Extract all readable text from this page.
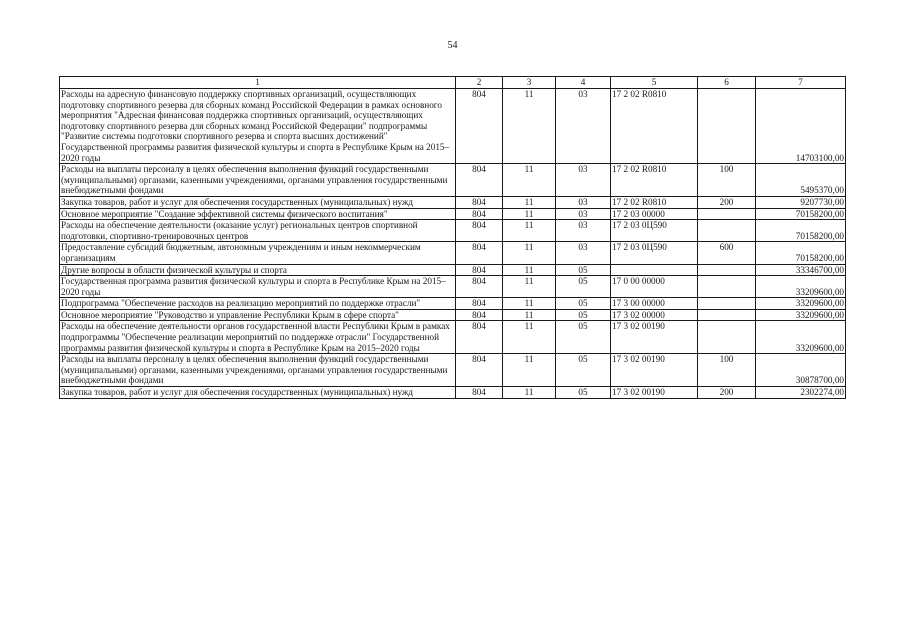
54
1	2	3	4	5	6	7
Расходы на адресную финансовую поддержку спортивных организаций, осуществляющих подготовку спортивного резерва для сборных команд Российской Федерации в рамках основного мероприятия "Адресная финансовая поддержка спортивных организаций, осуществляющих подготовку спортивного резерва для сборных команд Российской Федерации" подпрограммы "Развитие системы подготовки спортивного резерва и спорта высших достижений" Государственной программы развития физической культуры и спорта в Республике Крым на 2015–2020 годы	804	11	03	17 2 02 R0810		14703100,00
Расходы на выплаты персоналу в целях обеспечения выполнения функций государственными (муниципальными) органами, казенными учреждениями, органами управления государственными внебюджетными фондами	804	11	03	17 2 02 R0810	100	5495370,00
Закупка товаров, работ и услуг для обеспечения государственных (муниципальных) нужд	804	11	03	17 2 02 R0810	200	9207730,00
Основное мероприятие "Создание эффективной системы физического воспитания"	804	11	03	17 2 03 00000		70158200,00
Расходы на обеспечение деятельности (оказание услуг) региональных центров спортивной подготовки, спортивно-тренировочных центров	804	11	03	17 2 03 0Ц590		70158200,00
Предоставление субсидий бюджетным, автономным учреждениям и иным некоммерческим организациям	804	11	03	17 2 03 0Ц590	600	70158200,00
Другие вопросы в области физической культуры и спорта	804	11	05			33346700,00
Государственная программа развития физической культуры и спорта в Республике Крым на 2015–2020 годы	804	11	05	17 0 00 00000		33209600,00
Подпрограмма "Обеспечение расходов на реализацию мероприятий по поддержке отрасли"	804	11	05	17 3 00 00000		33209600,00
Основное мероприятие "Руководство и управление Республики Крым в сфере спорта"	804	11	05	17 3 02 00000		33209600,00
Расходы на обеспечение деятельности органов государственной власти Республики Крым в рамках подпрограммы "Обеспечение реализации мероприятий по поддержке отрасли" Государственной программы развития физической культуры и спорта в Республике Крым на 2015–2020 годы	804	11	05	17 3 02 00190		33209600,00
Расходы на выплаты персоналу в целях обеспечения выполнения функций государственными (муниципальными) органами, казенными учреждениями, органами управления государственными внебюджетными фондами	804	11	05	17 3 02 00190	100	30878700,00
Закупка товаров, работ и услуг для обеспечения государственных (муниципальных) нужд	804	11	05	17 3 02 00190	200	2302274,00
